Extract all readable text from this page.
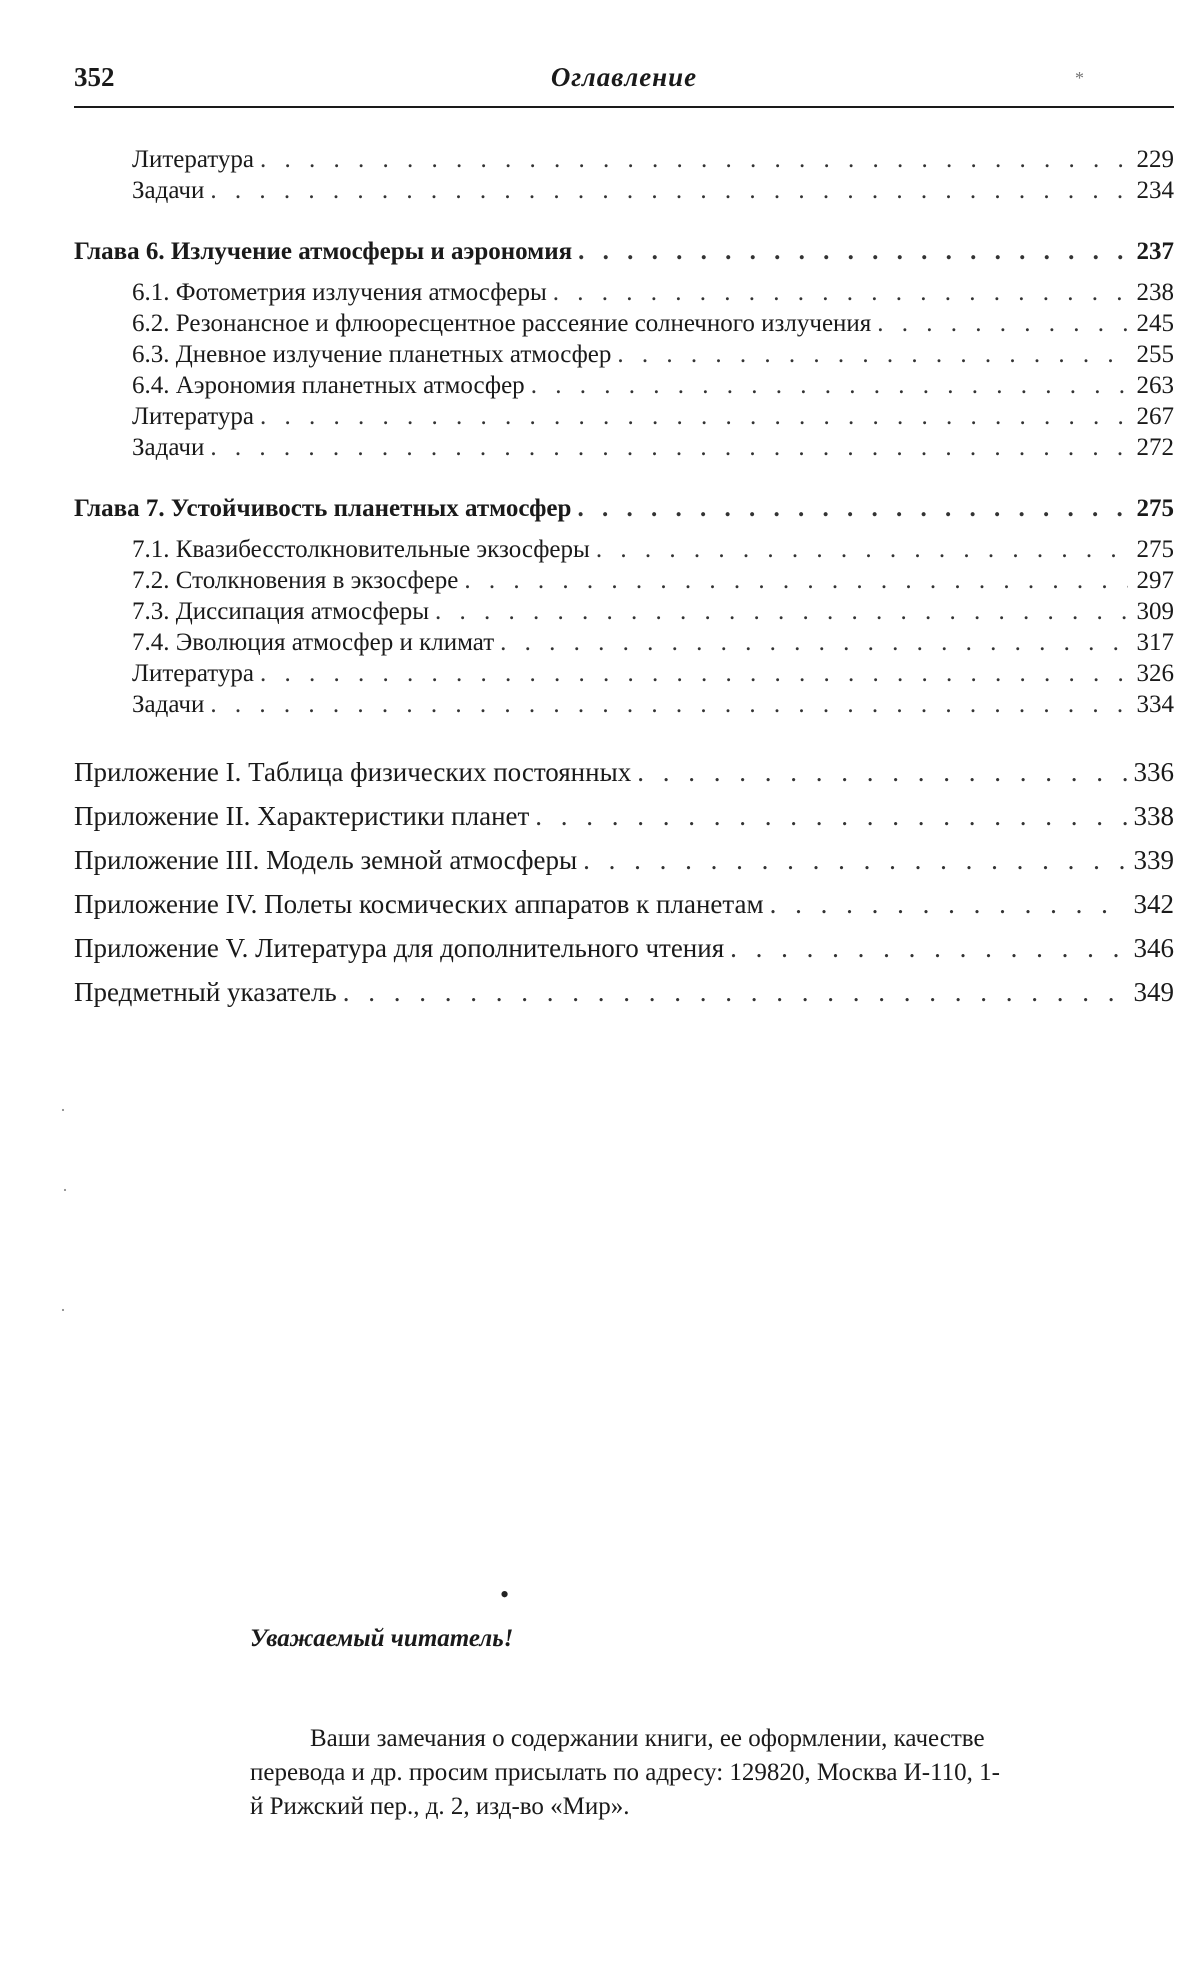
352	Оглавление	*
Литература . . .	229
Задачи . . .	234
Глава 6. Излучение атмосферы и аэрономия . . .	237
6.1. Фотометрия излучения атмосферы . . .	238
6.2. Резонансное и флюоресцентное рассеяние солнечного излучения . . .	245
6.3. Дневное излучение планетных атмосфер . . .	255
6.4. Аэрономия планетных атмосфер . . .	263
Литература . . .	267
Задачи . . .	272
Глава 7. Устойчивость планетных атмосфер . . .	275
7.1. Квазибесстолкновительные экзосферы . . .	275
7.2. Столкновения в экзосфере . . .	297
7.3. Диссипация атмосферы . . .	309
7.4. Эволюция атмосфер и климат . . .	317
Литература . . .	326
Задачи . . .	334
Приложение I. Таблица физических постоянных . . .	336
Приложение II. Характеристики планет . . .	338
Приложение III. Модель земной атмосферы . . .	339
Приложение IV. Полеты космических аппаратов к планетам . . .	342
Приложение V. Литература для дополнительного чтения . . .	346
Предметный указатель . . .	349
·
·
·
•
Уважаемый читатель!

Ваши замечания о содержании книги, ее оформлении, качестве перевода и др. просим присылать по адресу: 129820, Москва И-110, 1-й Рижский пер., д. 2, изд-во «Мир».
